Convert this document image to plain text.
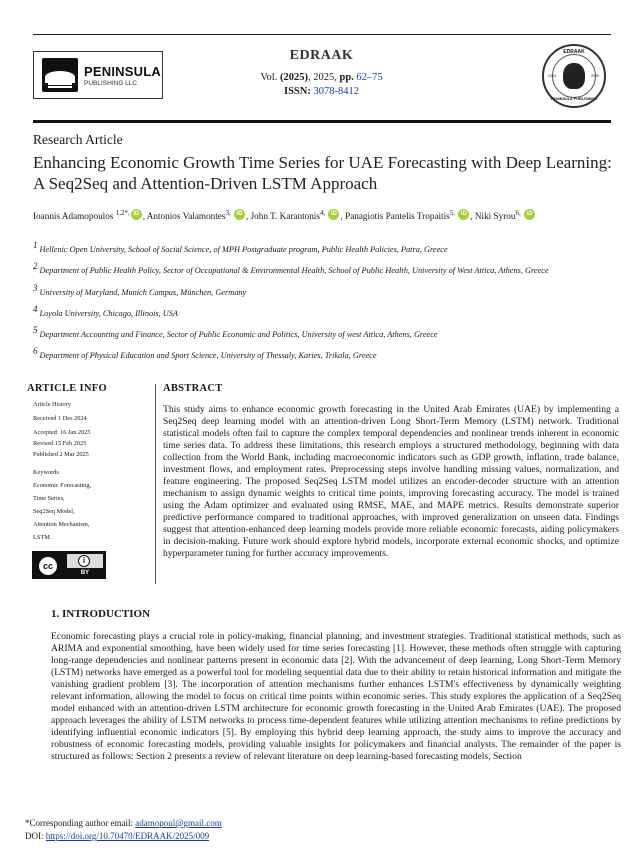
PENINSULA
PUBLISHING LLC
EDRAAK
Vol. (2025), 2025, pp. 62–75
ISSN: 3078-8412
EDRAAK
2024	2025
PENINSULA PUBLISHING
Research Article
Enhancing Economic Growth Time Series for UAE Forecasting with Deep Learning: A Seq2Seq and Attention-Driven LSTM Approach
Ioannis Adamopoulos $^{1,2*,}$ iD , Antonios Valamontes$^{3,}$ iD , John T. Karantonis$^{4,}$ iD , Panagiotis Pantelis Tropaitis$^{5,}$ iD , Niki Syrou$^{6,}$ iD
$^1$ Hellenic Open University, School of Social Science, of MPH Postgraduate program, Public Health Policies, Patra, Greece
$^2$ Department of Public Health Policy, Sector of Occupational & Environmental Health, School of Public Health, University of West Attica, Athens, Greece
$^3$ University of Maryland, Munich Campus, München, Germany
$^4$ Loyola University, Chicago, Illinois, USA
$^5$ Department Accounting and Finance, Sector of Public Economic and Politics, University of west Attica, Athens, Greece
$^6$ Department of Physical Education and Sport Science, University of Thessaly, Karies, Trikala, Greece
ARTICLE INFO
Article History
Received 1 Des 2024
Accepted: 16 Jan 2025
Revised 15 Feb 2025
Published 2 Mar 2025
Keywords
Economic Forecasting,
Time Series,
Seq2Seq Model,
Attention Mechanism,
LSTM.
cc
i
BY
ABSTRACT
This study aims to enhance economic growth forecasting in the United Arab Emirates (UAE) by implementing a Seq2Seq deep learning model with an attention-driven Long Short-Term Memory (LSTM) network. Traditional statistical models often fail to capture the complex temporal dependencies and nonlinear trends inherent in economic time series data. To address these limitations, this research employs a structured methodology, beginning with data collection from the World Bank, including macroeconomic indicators such as GDP growth, inflation, trade balance, investment flows, and employment rates. Preprocessing steps involve handling missing values, normalization, and feature engineering. The proposed Seq2Seq LSTM model utilizes an encoder-decoder structure with an attention mechanism to assign dynamic weights to critical time points, improving forecasting accuracy. The model is trained using the Adam optimizer and evaluated using RMSE, MAE, and MAPE metrics. Results demonstrate superior predictive performance compared to traditional approaches, with improved generalization on unseen data. Findings suggest that attention-enhanced deep learning models provide more reliable economic forecasts, aiding policymakers in decision-making. Future work should explore hybrid models, incorporate external economic shocks, and optimize hyperparameter tuning for further accuracy improvements.
1. INTRODUCTION
Economic forecasting plays a crucial role in policy-making, financial planning, and investment strategies. Traditional statistical methods, such as ARIMA and exponential smoothing, have been widely used for time series forecasting [1]. However, these methods often struggle with capturing long-range dependencies and nonlinear patterns present in economic data [2]. With the advancement of deep learning, Long Short-Term Memory (LSTM) networks have emerged as a powerful tool for modeling sequential data due to their ability to retain historical information and mitigate the vanishing gradient problem [3]. The incorporation of attention mechanisms further enhances LSTM's effectiveness by dynamically weighting relevant information, allowing the model to focus on critical time points within economic series. This study explores the application of a Seq2Seq model enhanced with an attention-driven LSTM architecture for economic growth forecasting in the United Arab Emirates (UAE). The proposed approach leverages the ability of LSTM networks to process time-dependent features while utilizing attention mechanisms to refine predictions by identifying influential economic indicators [5]. By employing this hybrid deep learning approach, the study aims to improve the accuracy and robustness of economic forecasting models, providing valuable insights for policymakers and financial analysts. The remainder of the paper is structured as follows: Section 2 presents a review of relevant literature on deep learning-based forecasting models, Section
*Corresponding author email: adamopoul@gmail.com
DOI: https://doi.org/10.70470/EDRAAK/2025/009
